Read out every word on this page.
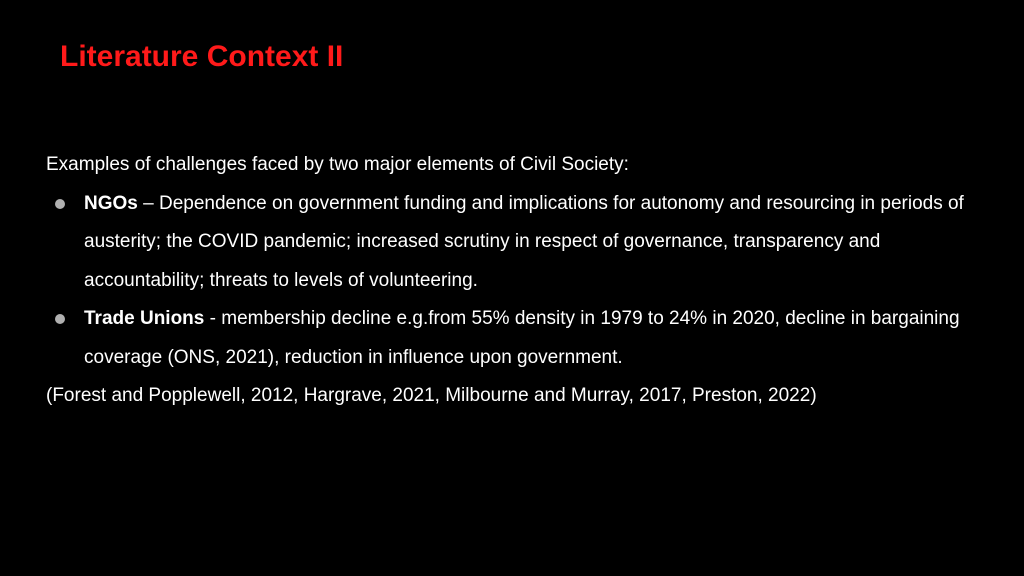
Literature Context II
Examples of challenges faced by two major elements of Civil Society:
NGOs – Dependence on government funding and implications for autonomy and resourcing in periods of austerity; the COVID pandemic; increased scrutiny in respect of governance, transparency and accountability; threats to levels of volunteering.
Trade Unions - membership decline e.g.from 55% density in 1979 to 24% in 2020, decline in bargaining coverage (ONS, 2021), reduction in influence upon government.
(Forest and Popplewell, 2012, Hargrave, 2021, Milbourne and Murray, 2017, Preston, 2022)
